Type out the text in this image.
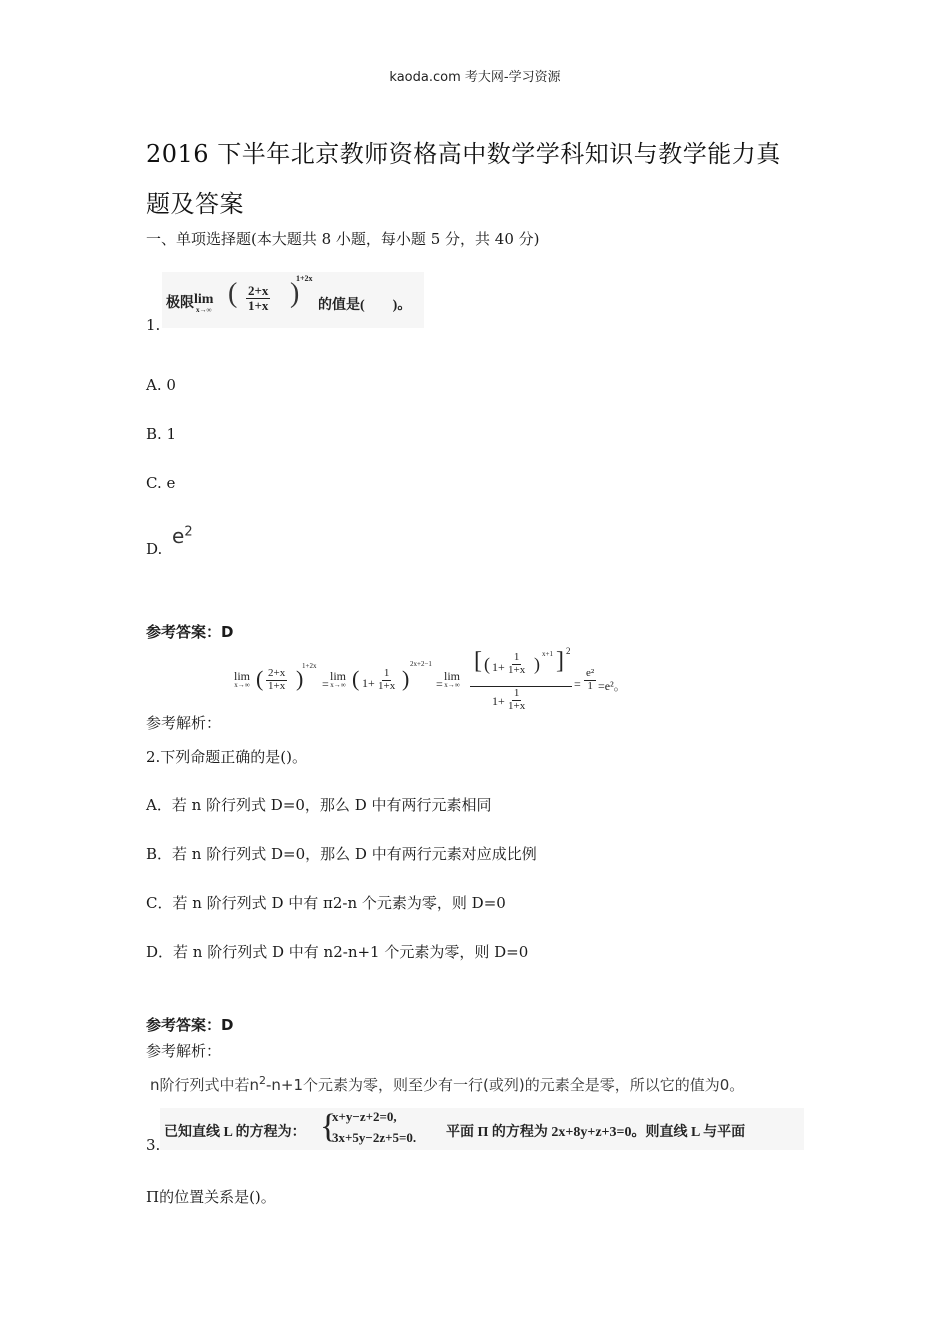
kaoda.com 考大网-学习资源
2016 下半年北京教师资格高中数学学科知识与教学能力真
题及答案
一、单项选择题(本大题共 8 小题，每小题 5 分，共 40 分)
1.
极限 lim
x→∞
( $\frac{2+x}{1+x}$ )
1+2x
的值是(　　)。
A. 0
B. 1
C. e
D.
$e^2$
参考答案：D
lim
x→∞ ( $\frac{2+x}{1+x}$ )
1+2x
=
lim
x→∞ ( $1+ \frac{1}{1+x}$ )
2x+2−1
=
lim
x→∞
[ ( $1+ \frac{1}{1+x}$ ) x+1 ] 2
$1+ \frac{1}{1+x}$
= $\frac{\text{e²}}{1} =e^2$。
参考解析：
2.下列命题正确的是()。
A．若 n 阶行列式 D=0，那么 D 中有两行元素相同
B．若 n 阶行列式 D=0，那么 D 中有两行元素对应成比例
C．若 n 阶行列式 D 中有 π2-n 个元素为零，则 D=0
D．若 n 阶行列式 D 中有 n2-n+1 个元素为零，则 D=0
参考答案：D
参考解析：
n阶行列式中若$n^2-n+1$个元素为零，则至少有一行(或列)的元素全是零，所以它的值为0。
3.
已知直线 L 的方程为： {
x+y−z+2=0,
3x+5y−2z+5=0. 平面 Π 的方程为 2x+8y+z+3=0。则直线 L 与平面
Π的位置关系是()。
